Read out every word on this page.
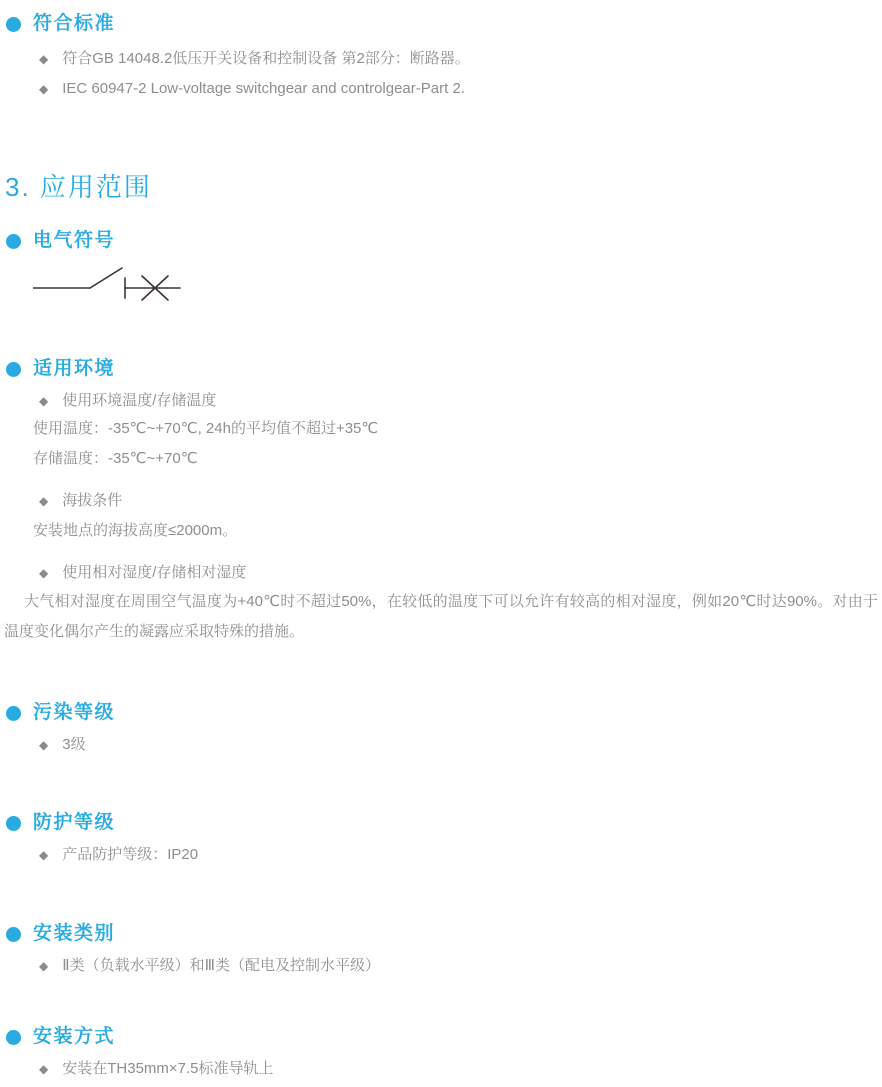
符合标准
◆ 符合GB 14048.2低压开关设备和控制设备 第2部分：断路器。
◆ IEC 60947-2 Low-voltage switchgear and controlgear-Part 2.
3. 应用范围
电气符号
适用环境
◆ 使用环境温度/存储温度
使用温度：-35℃~+70℃, 24h的平均值不超过+35℃
存储温度：-35℃~+70℃
◆ 海拔条件
安装地点的海拔高度≤2000m。
◆ 使用相对湿度/存储相对湿度
大气相对湿度在周围空气温度为+40℃时不超过50%，在较低的温度下可以允许有较高的相对湿度，例如20℃时达90%。对由于温度变化偶尔产生的凝露应采取特殊的措施。
污染等级
◆ 3级
防护等级
◆ 产品防护等级：IP20
安装类别
◆ Ⅱ类（负载水平级）和Ⅲ类（配电及控制水平级）
安装方式
◆ 安装在TH35mm×7.5标准导轨上
